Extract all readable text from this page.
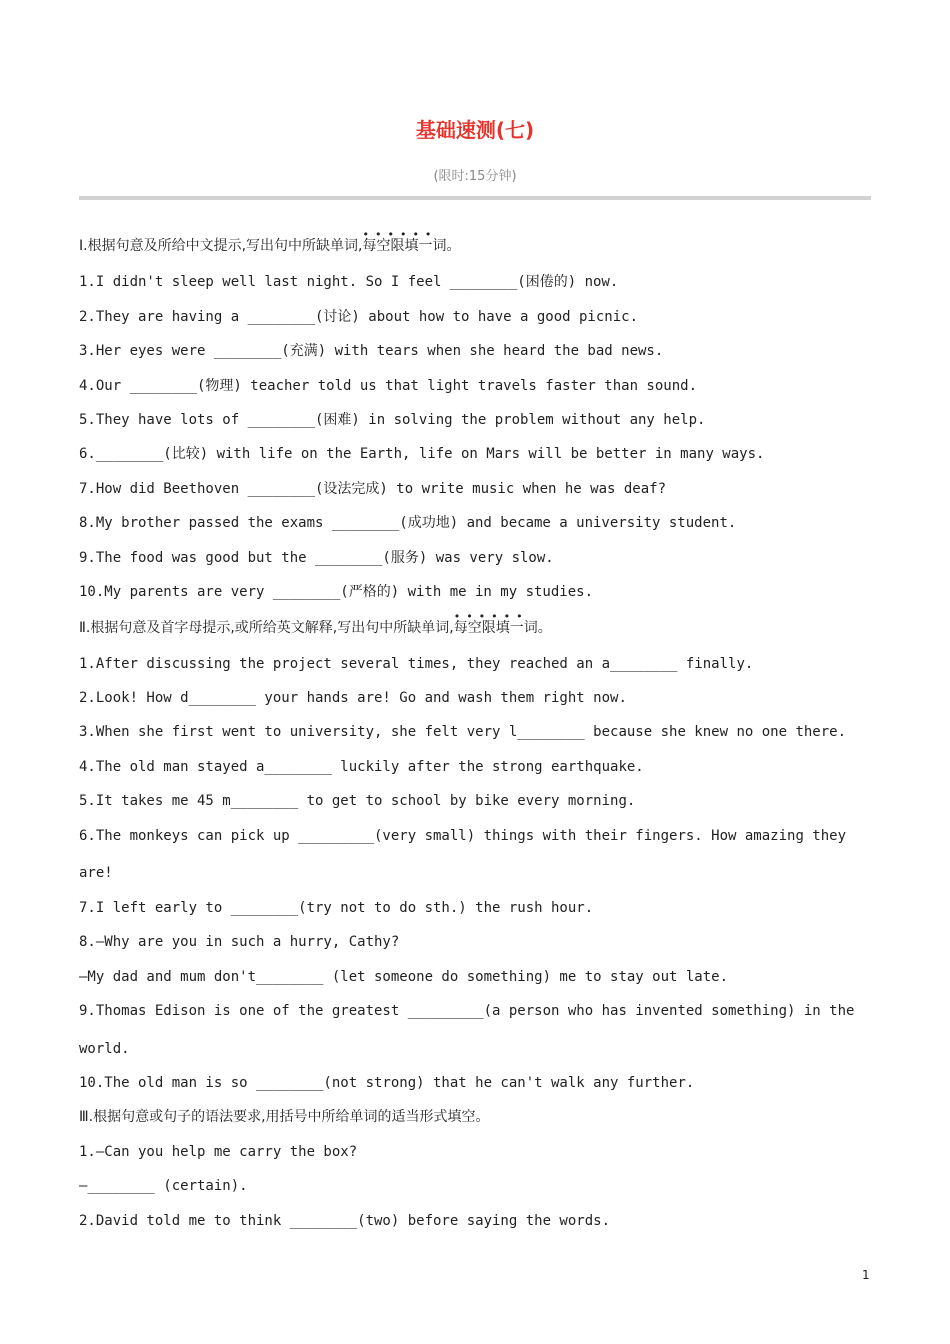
基础速测(七)
(限时:15分钟)
Ⅰ.根据句意及所给中文提示,写出句中所缺单词,
••••••
每空限填一词。
1.I didn't sleep well last night. So I feel ________(困倦的) now.
2.They are having a ________(讨论) about how to have a good picnic.
3.Her eyes were ________(充满) with tears when she heard the bad news.
4.Our ________(物理) teacher told us that light travels faster than sound.
5.They have lots of ________(困难) in solving the problem without any help.
6.________(比较) with life on the Earth, life on Mars will be better in many ways.
7.How did Beethoven ________(设法完成) to write music when he was deaf?
8.My brother passed the exams ________(成功地) and became a university student.
9.The food was good but the ________(服务) was very slow.
10.My parents are very ________(严格的) with me in my studies.
Ⅱ.根据句意及首字母提示,或所给英文解释,写出句中所缺单词,
••••••
每空限填一词。
1.After discussing the project several times, they reached an a________ finally.
2.Look! How d________ your hands are! Go and wash them right now.
3.When she first went to university, she felt very l________ because she knew no one there.
4.The old man stayed a________ luckily after the strong earthquake.
5.It takes me 45 m________ to get to school by bike every morning.
6.The monkeys can pick up _________(very small) things with their fingers. How amazing they
are!
7.I left early to ________(try not to do sth.) the rush hour.
8.—Why are you in such a hurry, Cathy?
—My dad and mum don't________ (let someone do something) me to stay out late.
9.Thomas Edison is one of the greatest _________(a person who has invented something) in the
world.
10.The old man is so ________(not strong) that he can't walk any further.
Ⅲ.根据句意或句子的语法要求,用括号中所给单词的适当形式填空。
1.—Can you help me carry the box?
—________ (certain).
2.David told me to think ________(two) before saying the words.
1
